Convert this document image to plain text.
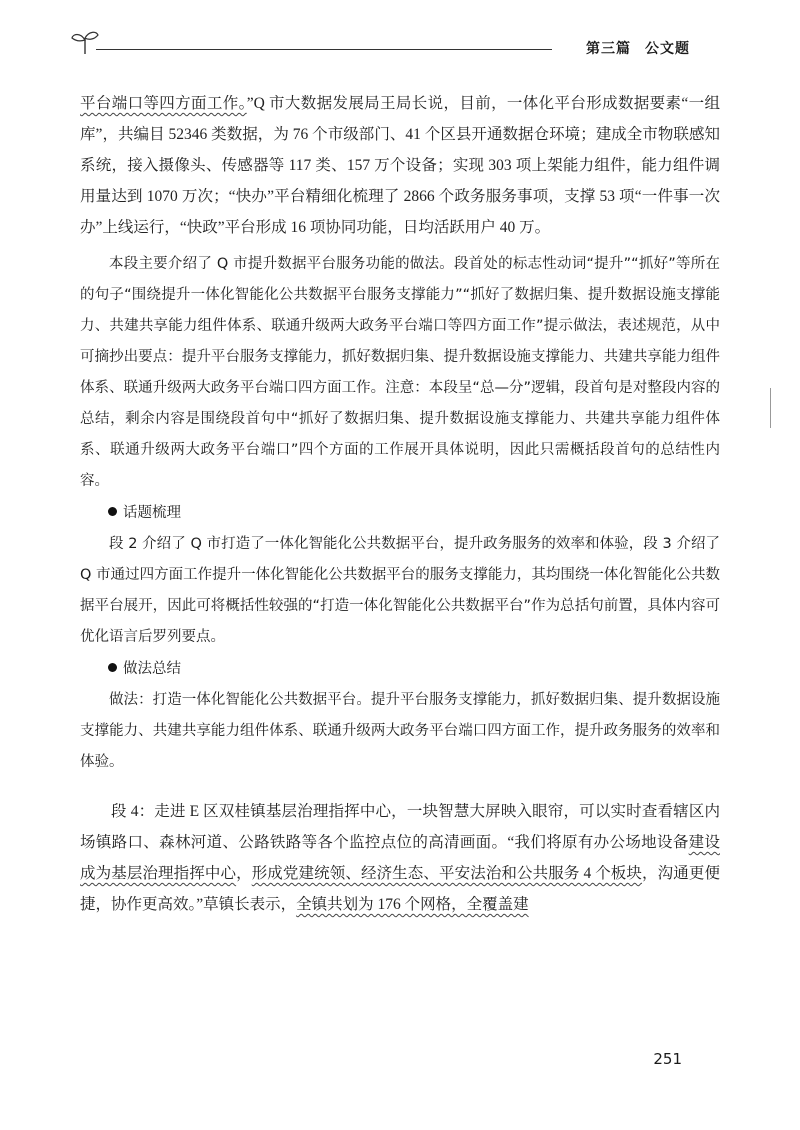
第三篇 公文题

平台端口等四方面工作。”Q 市大数据发展局王局长说，目前，一体化平台形成数据要素“一组库”，共编目 52346 类数据，为 76 个市级部门、41 个区县开通数据仓环境；建成全市物联感知系统，接入摄像头、传感器等 117 类、157 万个设备；实现 303 项上架能力组件，能力组件调用量达到 1070 万次；“快办”平台精细化梳理了 2866 个政务服务事项，支撑 53 项“一件事一次办”上线运行，“快政”平台形成 16 项协同功能，日均活跃用户 40 万。

本段主要介绍了 Q 市提升数据平台服务功能的做法。段首处的标志性动词“提升”“抓好”等所在的句子“围绕提升一体化智能化公共数据平台服务支撑能力”“抓好了数据归集、提升数据设施支撑能力、共建共享能力组件体系、联通升级两大政务平台端口等四方面工作”提示做法，表述规范，从中可摘抄出要点：提升平台服务支撑能力，抓好数据归集、提升数据设施支撑能力、共建共享能力组件体系、联通升级两大政务平台端口四方面工作。注意：本段呈“总—分”逻辑，段首句是对整段内容的总结，剩余内容是围绕段首句中“抓好了数据归集、提升数据设施支撑能力、共建共享能力组件体系、联通升级两大政务平台端口”四个方面的工作展开具体说明，因此只需概括段首句的总结性内容。

话题梳理

段 2 介绍了 Q 市打造了一体化智能化公共数据平台，提升政务服务的效率和体验，段 3 介绍了 Q 市通过四方面工作提升一体化智能化公共数据平台的服务支撑能力，其均围绕一体化智能化公共数据平台展开，因此可将概括性较强的“打造一体化智能化公共数据平台”作为总括句前置，具体内容可优化语言后罗列要点。

做法总结

做法：打造一体化智能化公共数据平台。提升平台服务支撑能力，抓好数据归集、提升数据设施支撑能力、共建共享能力组件体系、联通升级两大政务平台端口四方面工作，提升政务服务的效率和体验。

段 4：走进 E 区双桂镇基层治理指挥中心，一块智慧大屏映入眼帘，可以实时查看辖区内场镇路口、森林河道、公路铁路等各个监控点位的高清画面。“我们将原有办公场地设备建设成为基层治理指挥中心，形成党建统领、经济生态、平安法治和公共服务 4 个板块，沟通更便捷，协作更高效。”草镇长表示，全镇共划为 176 个网格，全覆盖建

251
